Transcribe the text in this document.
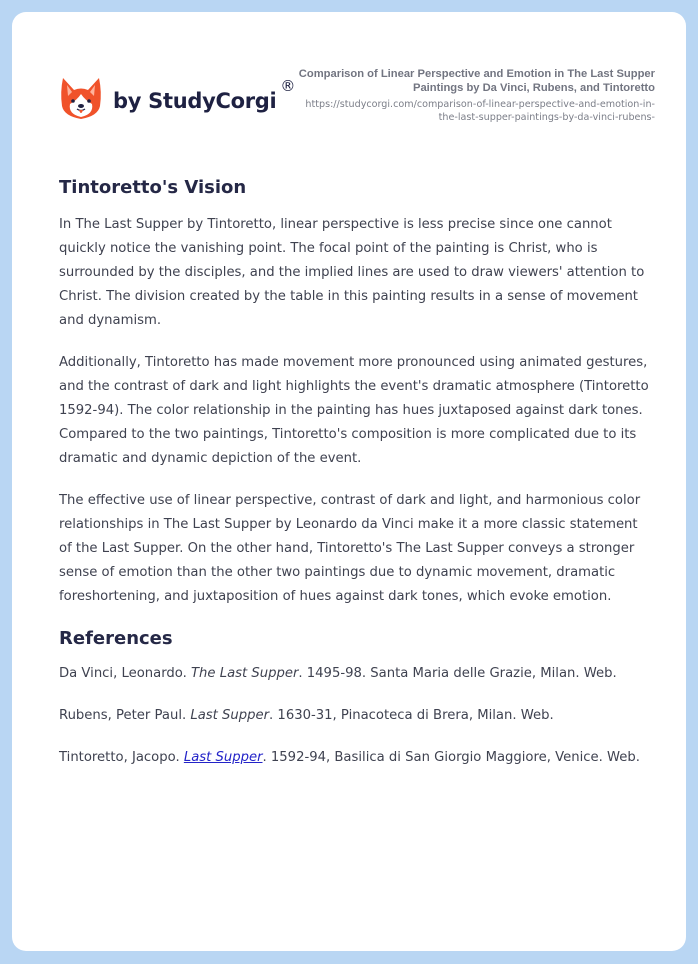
by StudyCorgi
®
Comparison of Linear Perspective and Emotion in The Last Supper Paintings by Da Vinci, Rubens, and Tintoretto
https://studycorgi.com/comparison-of-linear-perspective-and-emotion-in-the-last-supper-paintings-by-da-vinci-rubens-
Tintoretto's Vision

In The Last Supper by Tintoretto, linear perspective is less precise since one cannot quickly notice the vanishing point. The focal point of the painting is Christ, who is surrounded by the disciples, and the implied lines are used to draw viewers' attention to Christ. The division created by the table in this painting results in a sense of movement and dynamism.

Additionally, Tintoretto has made movement more pronounced using animated gestures, and the contrast of dark and light highlights the event's dramatic atmosphere (Tintoretto 1592-94). The color relationship in the painting has hues juxtaposed against dark tones. Compared to the two paintings, Tintoretto's composition is more complicated due to its dramatic and dynamic depiction of the event.

The effective use of linear perspective, contrast of dark and light, and harmonious color relationships in The Last Supper by Leonardo da Vinci make it a more classic statement of the Last Supper. On the other hand, Tintoretto's The Last Supper conveys a stronger sense of emotion than the other two paintings due to dynamic movement, dramatic foreshortening, and juxtaposition of hues against dark tones, which evoke emotion.

References

Da Vinci, Leonardo. The Last Supper. 1495-98. Santa Maria delle Grazie, Milan. Web.

Rubens, Peter Paul. Last Supper. 1630-31, Pinacoteca di Brera, Milan. Web.

Tintoretto, Jacopo. Last Supper. 1592-94, Basilica di San Giorgio Maggiore, Venice. Web.
